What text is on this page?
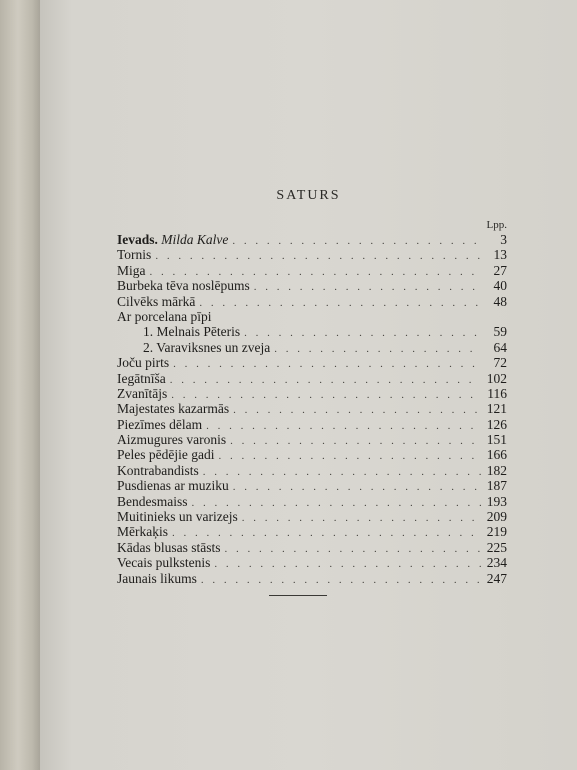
SATURS
Lpp.
Ievads. Milda Kalve . . .	3
Tornis . . .	13
Miga . . .	27
Burbeka tēva noslēpums . . .	40
Cilvēks mārkā . . .	48
Ar porcelana pīpi
1. Melnais Pēteris . . .	59
2. Varaviksnes un zveja . . .	64
Joču pirts . . .	72
Iegātnīša . . .	102
Zvanītājs . . .	116
Majestates kazarmās . . .	121
Piezīmes dēlam . . .	126
Aizmugures varonis . . .	151
Peles pēdējie gadi . . .	166
Kontrabandists . . .	182
Pusdienas ar muziku . . .	187
Bendesmaiss . . .	193
Muitinieks un varizejs . . .	209
Mērkaķis . . .	219
Kādas blusas stāsts . . .	225
Vecais pulkstenis . . .	234
Jaunais likums . . .	247
